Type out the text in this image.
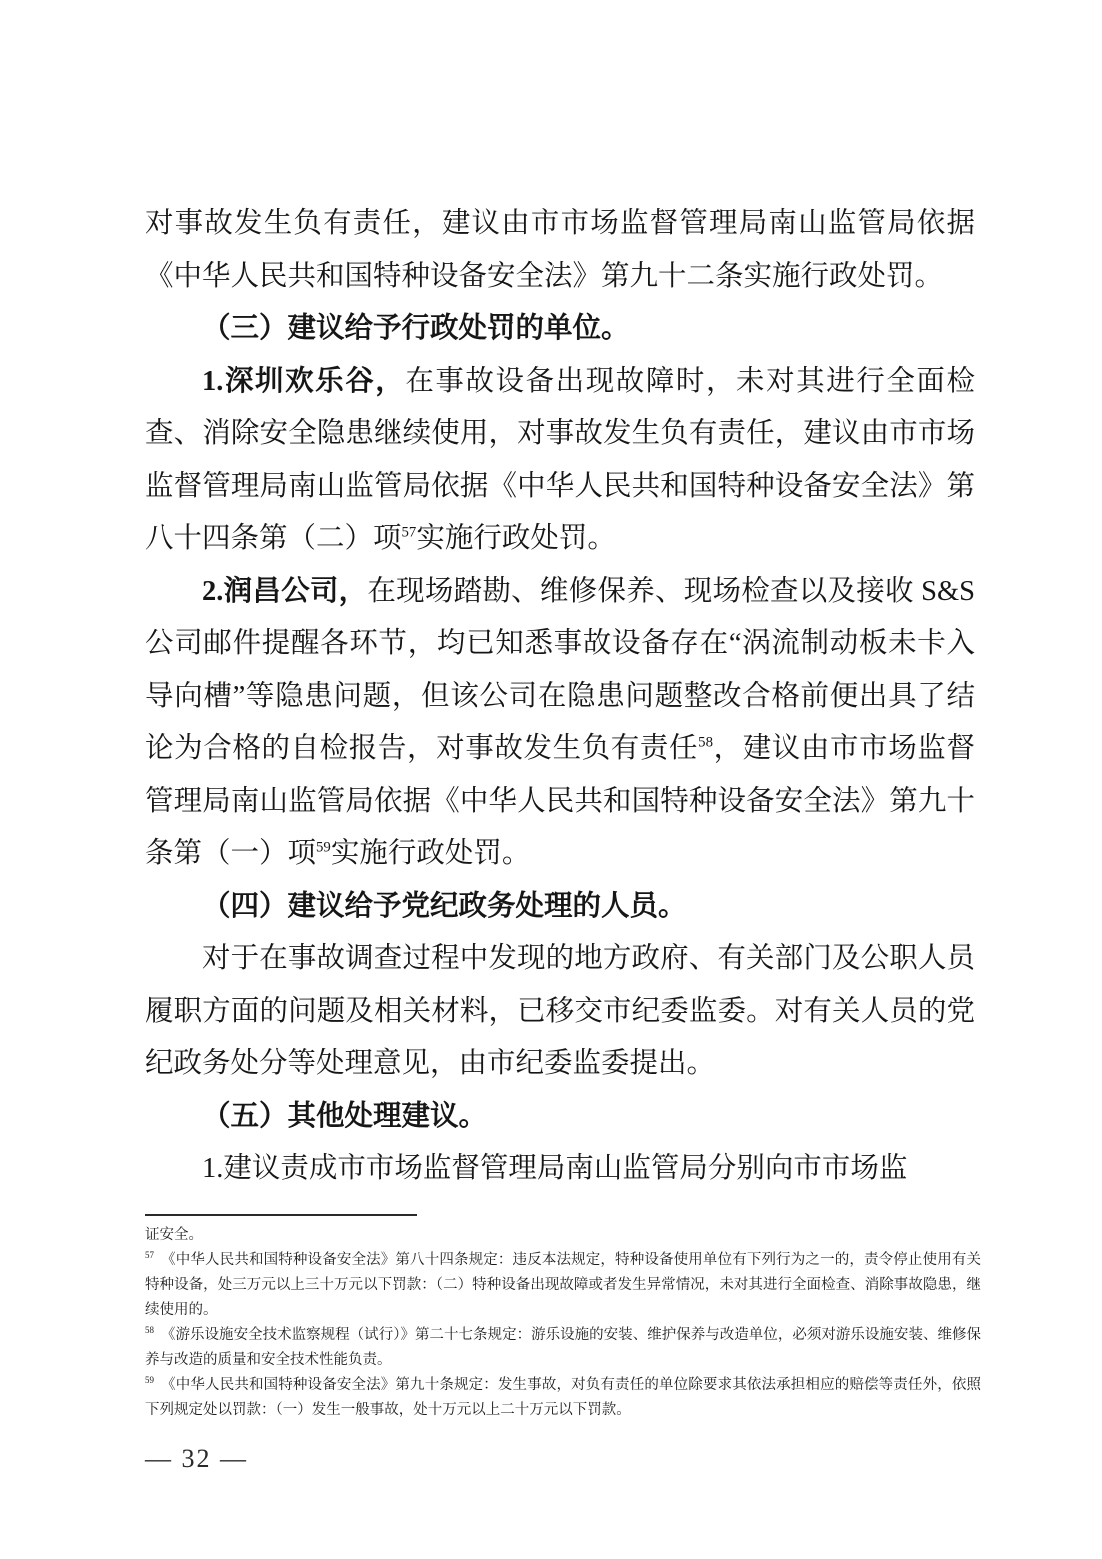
对事故发生负有责任，建议由市市场监督管理局南山监管局依据《中华人民共和国特种设备安全法》第九十二条实施行政处罚。

（三）建议给予行政处罚的单位。

1.深圳欢乐谷，在事故设备出现故障时，未对其进行全面检查、消除安全隐患继续使用，对事故发生负有责任，建议由市市场监督管理局南山监管局依据《中华人民共和国特种设备安全法》第八十四条第（二）项$^{57}$实施行政处罚。

2.润昌公司，在现场踏勘、维修保养、现场检查以及接收 S&S 公司邮件提醒各环节，均已知悉事故设备存在“涡流制动板未卡入导向槽”等隐患问题，但该公司在隐患问题整改合格前便出具了结论为合格的自检报告，对事故发生负有责任$^{58}$，建议由市市场监督管理局南山监管局依据《中华人民共和国特种设备安全法》第九十条第（一）项$^{59}$实施行政处罚。

（四）建议给予党纪政务处理的人员。

对于在事故调查过程中发现的地方政府、有关部门及公职人员履职方面的问题及相关材料，已移交市纪委监委。对有关人员的党纪政务处分等处理意见，由市纪委监委提出。

（五）其他处理建议。

1.建议责成市市场监督管理局南山监管局分别向市市场监

证安全。

$^{57}$ 《中华人民共和国特种设备安全法》第八十四条规定：违反本法规定，特种设备使用单位有下列行为之一的，责令停止使用有关特种设备，处三万元以上三十万元以下罚款：（二）特种设备出现故障或者发生异常情况，未对其进行全面检查、消除事故隐患，继续使用的。

$^{58}$ 《游乐设施安全技术监察规程（试行）》第二十七条规定：游乐设施的安装、维护保养与改造单位，必须对游乐设施安装、维修保养与改造的质量和安全技术性能负责。

$^{59}$ 《中华人民共和国特种设备安全法》第九十条规定：发生事故，对负有责任的单位除要求其依法承担相应的赔偿等责任外，依照下列规定处以罚款：（一）发生一般事故，处十万元以上二十万元以下罚款。

— 32 —
